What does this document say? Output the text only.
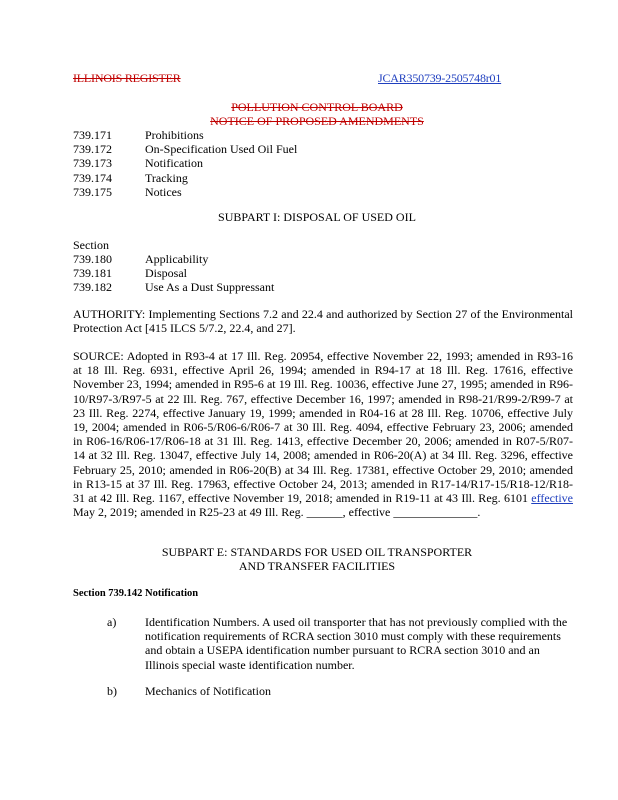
ILLINOIS REGISTER	JCAR350739-2505748r01
POLLUTION CONTROL BOARD
NOTICE OF PROPOSED AMENDMENTS
739.171	Prohibitions
739.172	On-Specification Used Oil Fuel
739.173	Notification
739.174	Tracking
739.175	Notices
SUBPART I: DISPOSAL OF USED OIL
Section
739.180	Applicability
739.181	Disposal
739.182	Use As a Dust Suppressant
AUTHORITY: Implementing Sections 7.2 and 22.4 and authorized by Section 27 of the Environmental Protection Act [415 ILCS 5/7.2, 22.4, and 27].
SOURCE: Adopted in R93-4 at 17 Ill. Reg. 20954, effective November 22, 1993; amended in R93-16 at 18 Ill. Reg. 6931, effective April 26, 1994; amended in R94-17 at 18 Ill. Reg. 17616, effective November 23, 1994; amended in R95-6 at 19 Ill. Reg. 10036, effective June 27, 1995; amended in R96-10/R97-3/R97-5 at 22 Ill. Reg. 767, effective December 16, 1997; amended in R98-21/R99-2/R99-7 at 23 Ill. Reg. 2274, effective January 19, 1999; amended in R04-16 at 28 Ill. Reg. 10706, effective July 19, 2004; amended in R06-5/R06-6/R06-7 at 30 Ill. Reg. 4094, effective February 23, 2006; amended in R06-16/R06-17/R06-18 at 31 Ill. Reg. 1413, effective December 20, 2006; amended in R07-5/R07-14 at 32 Ill. Reg. 13047, effective July 14, 2008; amended in R06-20(A) at 34 Ill. Reg. 3296, effective February 25, 2010; amended in R06-20(B) at 34 Ill. Reg. 17381, effective October 29, 2010; amended in R13-15 at 37 Ill. Reg. 17963, effective October 24, 2013; amended in R17-14/R17-15/R18-12/R18-31 at 42 Ill. Reg. 1167, effective November 19, 2018; amended in R19-11 at 43 Ill. Reg. 6101 effective May 2, 2019; amended in R25-23 at 49 Ill. Reg. ______, effective ______________.
SUBPART E: STANDARDS FOR USED OIL TRANSPORTER
AND TRANSFER FACILITIES
Section 739.142 Notification
a) Identification Numbers. A used oil transporter that has not previously complied with the notification requirements of RCRA section 3010 must comply with these requirements and obtain a USEPA identification number pursuant to RCRA section 3010 and an Illinois special waste identification number.
b) Mechanics of Notification
